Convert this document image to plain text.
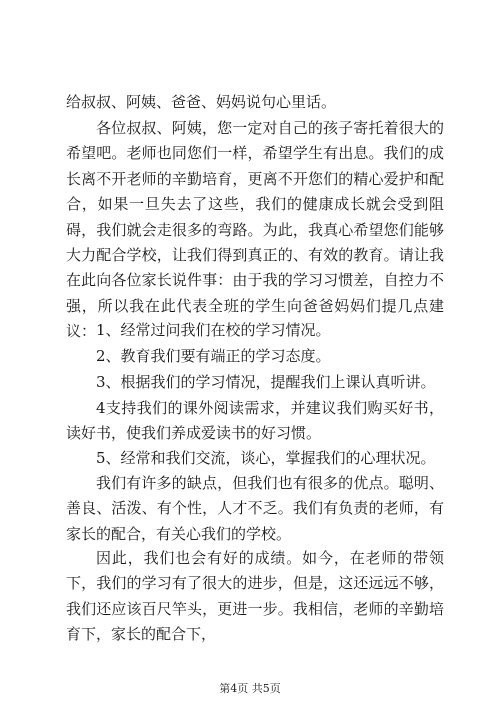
给叔叔、阿姨、爸爸、妈妈说句心里话。

各位叔叔、阿姨，您一定对自己的孩子寄托着很大的希望吧。老师也同您们一样，希望学生有出息。我们的成长离不开老师的辛勤培育，更离不开您们的精心爱护和配合，如果一旦失去了这些，我们的健康成长就会受到阻碍，我们就会走很多的弯路。为此，我真心希望您们能够大力配合学校，让我们得到真正的、有效的教育。请让我在此向各位家长说件事：由于我的学习习惯差，自控力不强，所以我在此代表全班的学生向爸爸妈妈们提几点建议： 1、经常过问我们在校的学习情况。

2、教育我们要有端正的学习态度。

3、根据我们的学习情况，提醒我们上课认真听讲。

4支持我们的课外阅读需求，并建议我们购买好书，读好书，使我们养成爱读书的好习惯。

5、经常和我们交流，谈心，掌握我们的心理状况。

我们有许多的缺点，但我们也有很多的优点。聪明、善良、活泼、有个性，人才不乏。我们有负责的老师，有家长的配合，有关心我们的学校。

因此，我们也会有好的成绩。如今，在老师的带领下，我们的学习有了很大的进步，但是，这还远远不够，我们还应该百尺竿头，更进一步。我相信，老师的辛勤培育下，家长的配合下，

第4页 共5页
